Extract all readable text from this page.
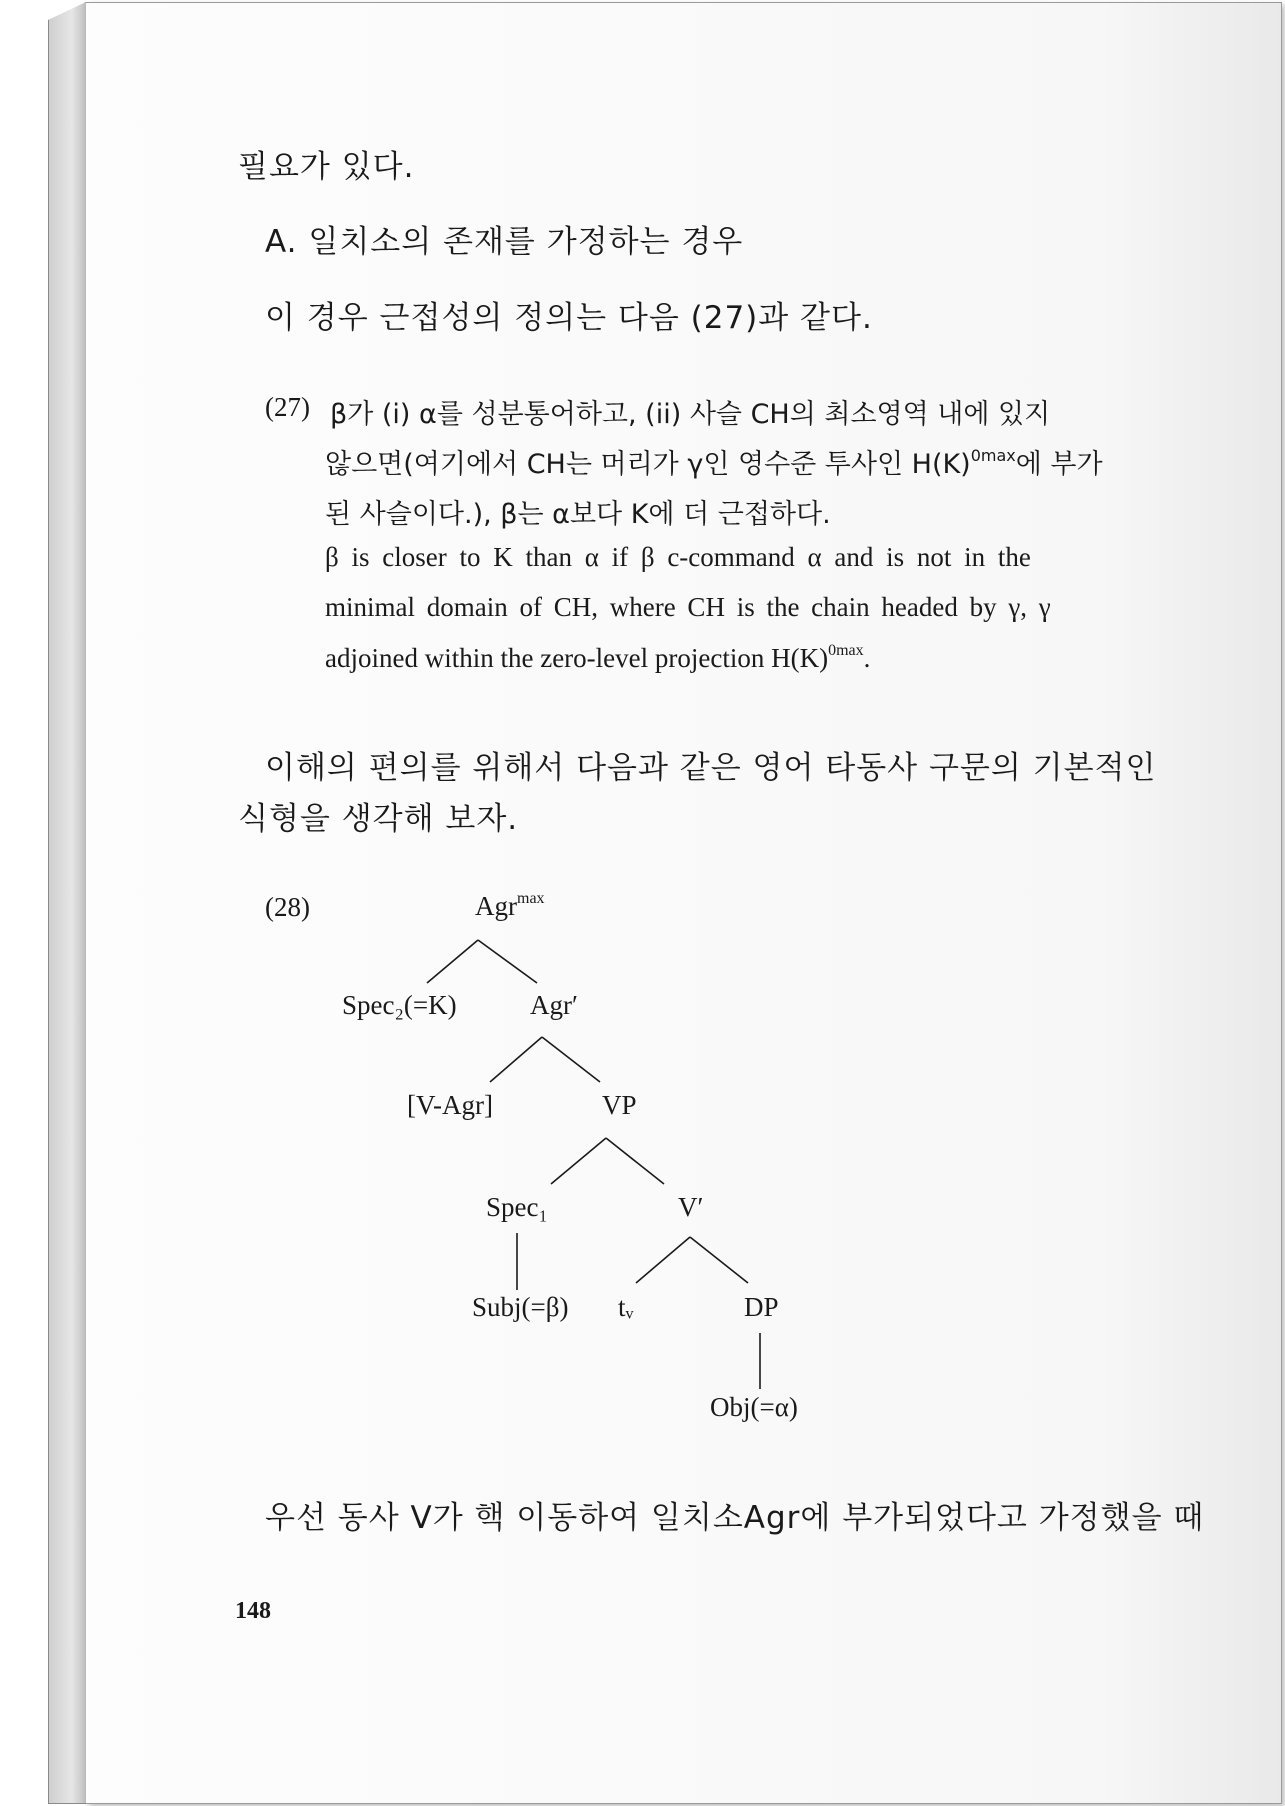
필요가 있다.
A. 일치소의 존재를 가정하는 경우
이 경우 근접성의 정의는 다음 (27)과 같다.
(27) β가 (i) α를 성분통어하고, (ii) 사슬 CH의 최소영역 내에 있지
않으면(여기에서 CH는 머리가 γ인 영수준 투사인 $H(K)^{0max}$에 부가
된 사슬이다.), β는 α보다 K에 더 근접하다.
β is closer to K than α if β c-command α and is not in the
minimal domain of CH, where CH is the chain headed by γ, γ
adjoined within the zero-level projection $H(K)^{0max}$.
이해의 편의를 위해서 다음과 같은 영어 타동사 구문의 기본적인
식형을 생각해 보자.
(28)	Agr$^{max}$
Spec₂(=K)	Agr′
[V-Agr]	VP
Spec₁	V′
Subj(=β) tᵥ	DP
Obj(=α)
우선 동사 V가 핵 이동하여 일치소Agr에 부가되었다고 가정했을 때
148
